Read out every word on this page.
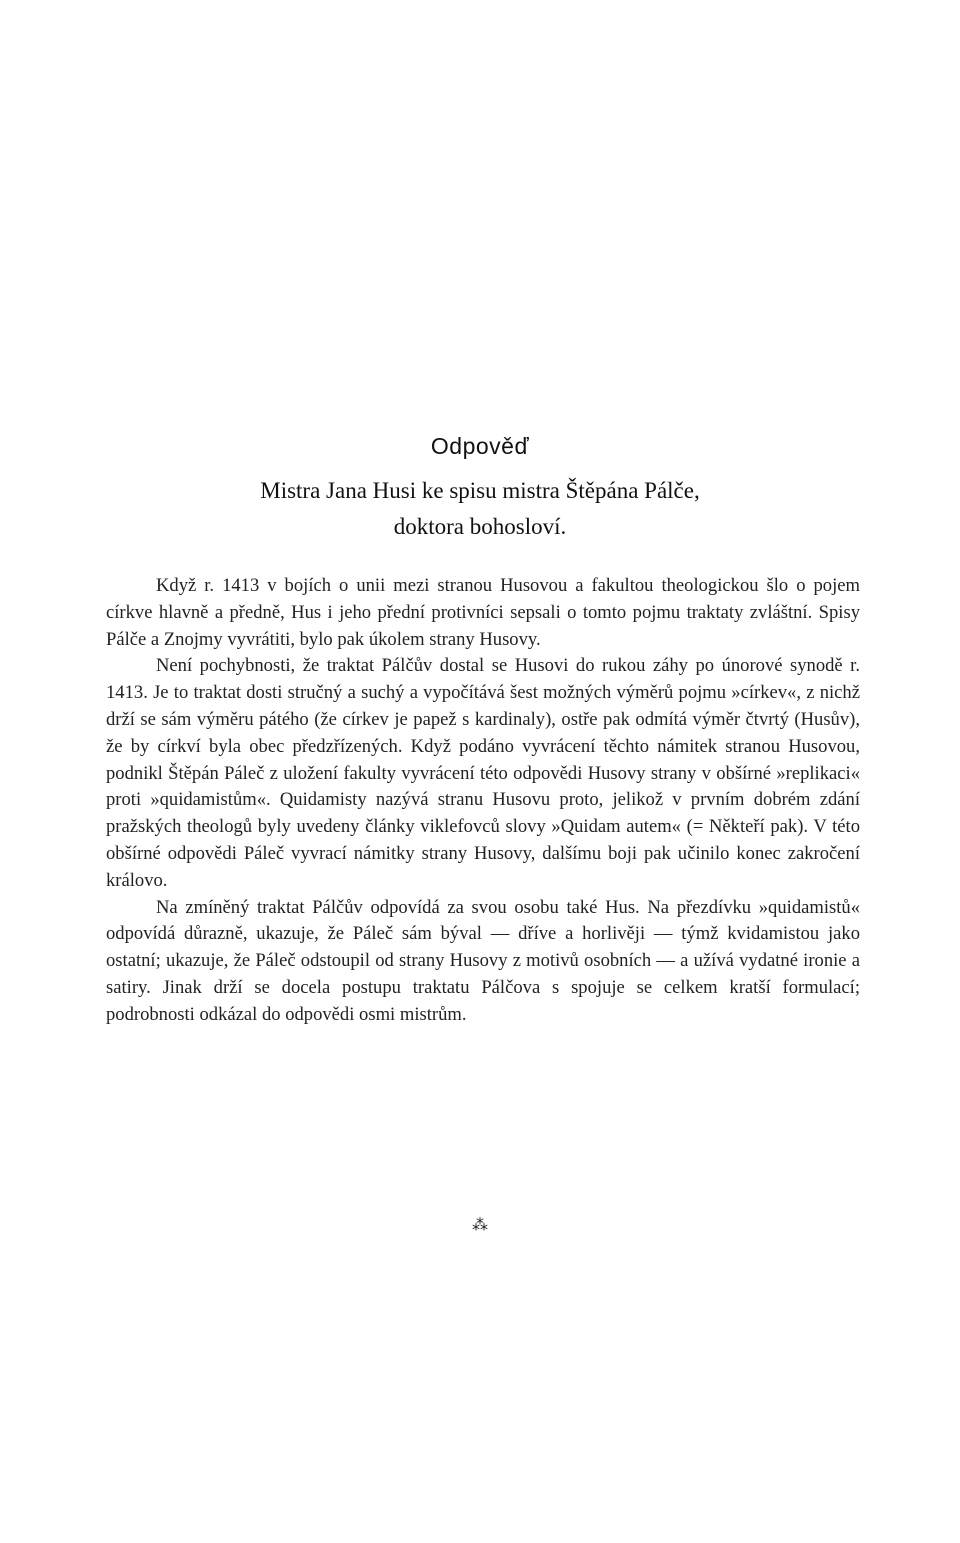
Odpověď
Mistra Jana Husi ke spisu mistra Štěpána Pálče,
doktora bohosloví.

Když r. 1413 v bojích o unii mezi stranou Husovou a fakultou theologickou šlo o pojem církve hlavně a předně, Hus i jeho přední protivníci sepsali o tomto pojmu traktaty zvláštní. Spisy Pálče a Znojmy vyvrátiti, bylo pak úkolem strany Husovy.

Není pochybnosti, že traktat Pálčův dostal se Husovi do rukou záhy po únorové synodě r. 1413. Je to traktat dosti stručný a suchý a vypočítává šest možných výměrů pojmu »církev«, z nichž drží se sám výměru pátého (že církev je papež s kardinaly), ostře pak odmítá výměr čtvrtý (Husův), že by církví byla obec předzřízených. Když podáno vyvrácení těchto námitek stranou Husovou, podnikl Štěpán Páleč z uložení fakulty vyvrácení této odpovědi Husovy strany v obšírné »replikaci« proti »quidamistům«. Quidamisty nazývá stranu Husovu proto, jelikož v prvním dobrém zdání pražských theologů byly uvedeny články viklefovců slovy »Quidam autem« (= Někteří pak). V této obšírné odpovědi Páleč vyvrací námitky strany Husovy, dalšímu boji pak učinilo konec zakročení královo.

Na zmíněný traktat Pálčův odpovídá za svou osobu také Hus. Na přezdívku »quidamistů« odpovídá důrazně, ukazuje, že Páleč sám býval — dříve a horlivěji — týmž kvidamistou jako ostatní; ukazuje, že Páleč odstoupil od strany Husovy z motivů osobních — a užívá vydatné ironie a satiry. Jinak drží se docela postupu traktatu Pálčova s spojuje se celkem kratší formulací; podrobnosti odkázal do odpovědi osmi mistrům.

⁂
